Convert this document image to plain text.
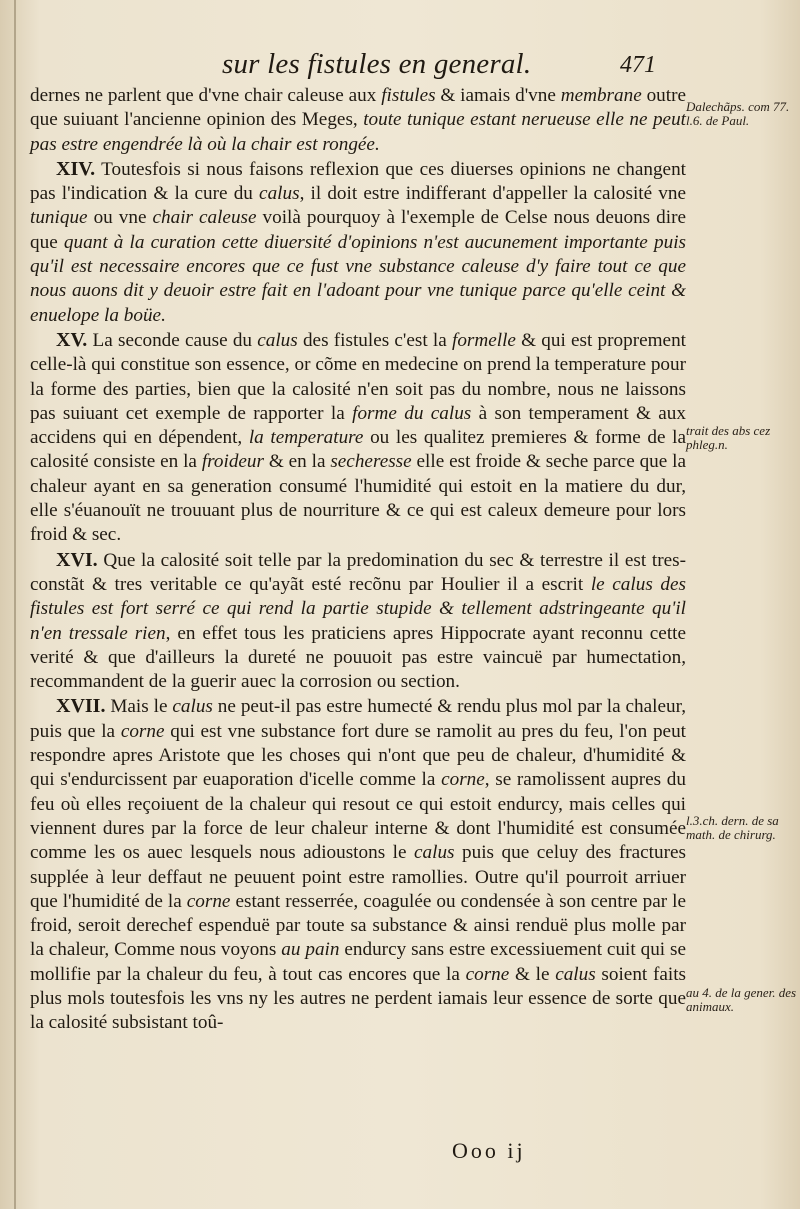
sur les fistules en general.	471

dernes ne parlent que d'vne chair caleuse aux fistules & iamais d'vne membrane outre que suiuant l'ancienne opinion des Meges, toute tunique estant nerueuse elle ne peut pas estre engendrée là où la chair est rongée.

XIV. Toutesfois si nous faisons reflexion que ces diuerses opinions ne changent pas l'indication & la cure du calus, il doit estre indifferant d'appeller la calosité vne tunique ou vne chair caleuse voilà pourquoy à l'exemple de Celse nous deuons dire que quant à la curation cette diuersité d'opinions n'est aucunement importante puis qu'il est necessaire encores que ce fust vne substance caleuse d'y faire tout ce que nous auons dit y deuoir estre fait en l'adoant pour vne tunique parce qu'elle ceint & enuelope la boüe.

XV. La seconde cause du calus des fistules c'est la formelle & qui est proprement celle-là qui constitue son essence, or cõme en medecine on prend la temperature pour la forme des parties, bien que la calosité n'en soit pas du nombre, nous ne laissons pas suiuant cet exemple de rapporter la forme du calus à son temperament & aux accidens qui en dépendent, la temperature ou les qualitez premieres & forme de la calosité consiste en la froideur & en la secheresse elle est froide & seche parce que la chaleur ayant en sa generation consumé l'humidité qui estoit en la matiere du dur, elle s'éuanouït ne trouuant plus de nourriture & ce qui est caleux demeure pour lors froid & sec.

XVI. Que la calosité soit telle par la predomination du sec & terrestre il est tres-constãt & tres veritable ce qu'ayãt esté recõnu par Houlier il a escrit le calus des fistules est fort serré ce qui rend la partie stupide & tellement adstringeante qu'il n'en tressale rien, en effet tous les praticiens apres Hippocrate ayant reconnu cette verité & que d'ailleurs la dureté ne pouuoit pas estre vaincuë par humectation, recommandent de la guerir auec la corrosion ou section.

XVII. Mais le calus ne peut-il pas estre humecté & rendu plus mol par la chaleur, puis que la corne qui est vne substance fort dure se ramolit au pres du feu, l'on peut respondre apres Aristote que les choses qui n'ont que peu de chaleur, d'humidité & qui s'endurcissent par euaporation d'icelle comme la corne, se ramolissent aupres du feu où elles reçoiuent de la chaleur qui resout ce qui estoit endurcy, mais celles qui viennent dures par la force de leur chaleur interne & dont l'humidité est consumée comme les os auec lesquels nous adioustons le calus puis que celuy des fractures supplée à leur deffaut ne peuuent point estre ramollies. Outre qu'il pourroit arriuer que l'humidité de la corne estant resserrée, coagulée ou condensée à son centre par le froid, seroit derechef espenduë par toute sa substance & ainsi renduë plus molle par la chaleur, Comme nous voyons au pain endurcy sans estre excessiuement cuit qui se mollifie par la chaleur du feu, à tout cas encores que la corne & le calus soient faits plus mols toutesfois les vns ny les autres ne perdent iamais leur essence de sorte que la calosité subsistant toû-

Dalechãps. com 77. l.6. de Paul.
trait des abs cez phleg.n.
l.3.ch. dern. de sa math. de chirurg.
au 4. de la gener. des animaux.
Ooo ij
